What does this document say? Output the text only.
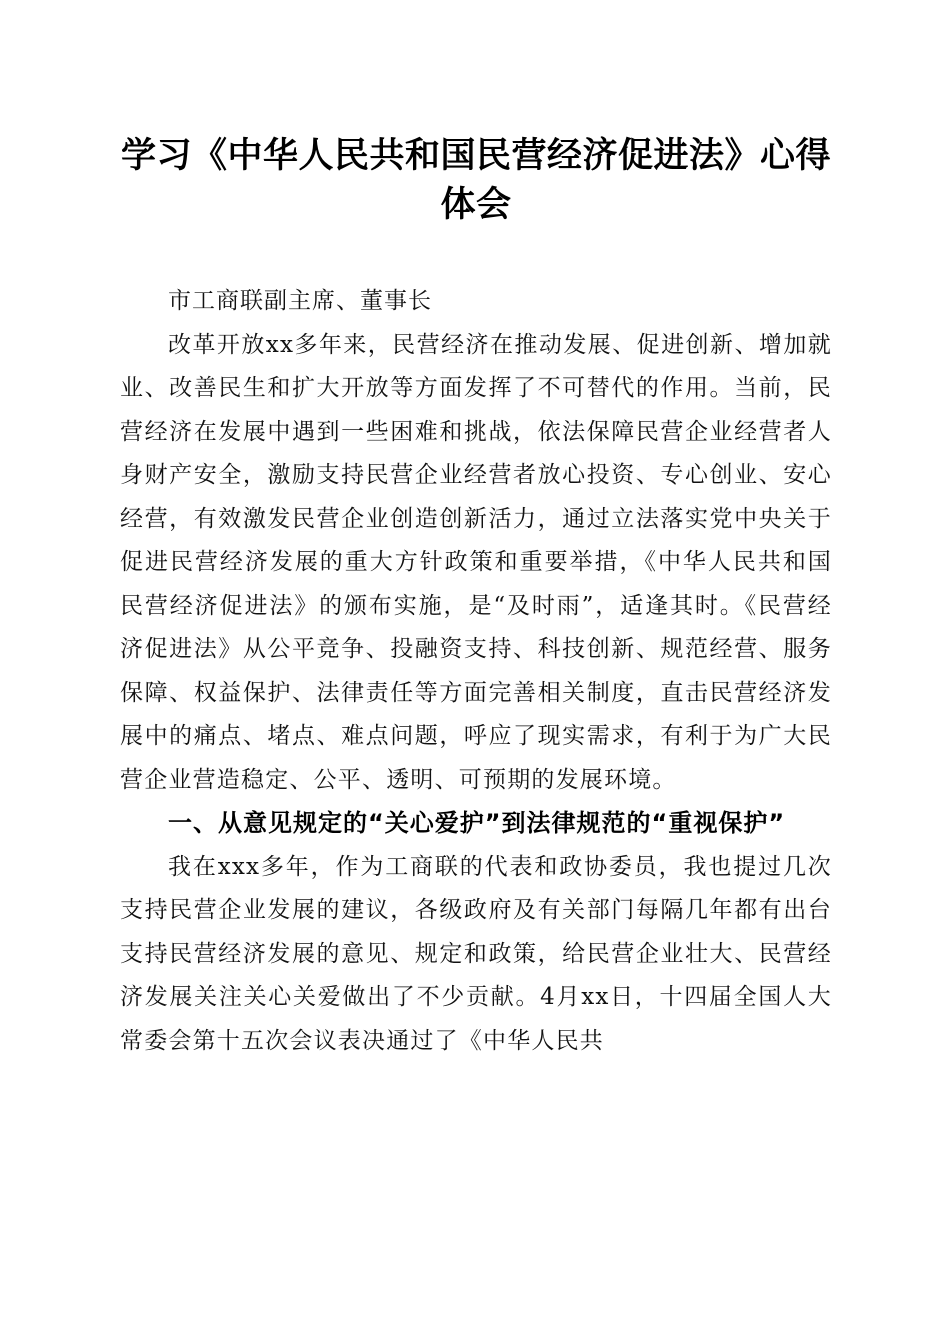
学习《中华人民共和国民营经济促进法》心得体会

市工商联副主席、董事长

改革开放xx多年来，民营经济在推动发展、促进创新、增加就业、改善民生和扩大开放等方面发挥了不可替代的作用。当前，民营经济在发展中遇到一些困难和挑战，依法保障民营企业经营者人身财产安全，激励支持民营企业经营者放心投资、专心创业、安心经营，有效激发民营企业创造创新活力，通过立法落实党中央关于促进民营经济发展的重大方针政策和重要举措，《中华人民共和国民营经济促进法》的颁布实施，是“及时雨”，适逢其时。《民营经济促进法》从公平竞争、投融资支持、科技创新、规范经营、服务保障、权益保护、法律责任等方面完善相关制度，直击民营经济发展中的痛点、堵点、难点问题，呼应了现实需求，有利于为广大民营企业营造稳定、公平、透明、可预期的发展环境。

一、从意见规定的“关心爱护”到法律规范的“重视保护”

我在xxx多年，作为工商联的代表和政协委员，我也提过几次支持民营企业发展的建议，各级政府及有关部门每隔几年都有出台支持民营经济发展的意见、规定和政策，给民营企业壮大、民营经济发展关注关心关爱做出了不少贡献。4月xx日，十四届全国人大常委会第十五次会议表决通过了《中华人民共
